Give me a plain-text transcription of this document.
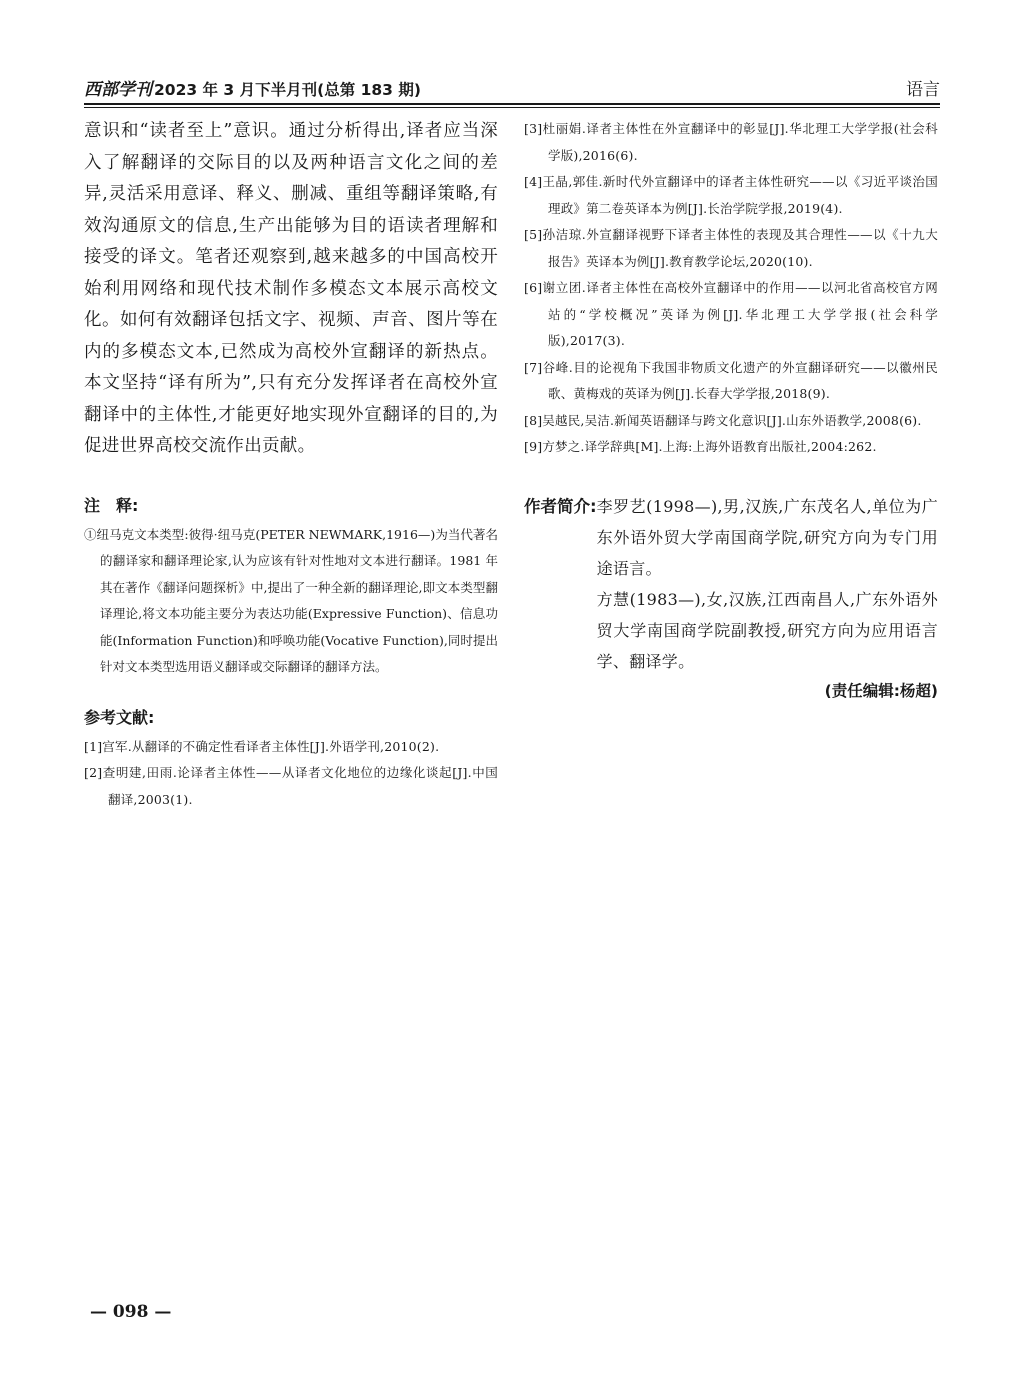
西部学刊 2023 年 3 月下半月刊(总第 183 期)	语言

意识和“读者至上”意识。通过分析得出,译者应当深入了解翻译的交际目的以及两种语言文化之间的差异,灵活采用意译、释义、删减、重组等翻译策略,有效沟通原文的信息,生产出能够为目的语读者理解和接受的译文。笔者还观察到,越来越多的中国高校开始利用网络和现代技术制作多模态文本展示高校文化。如何有效翻译包括文字、视频、声音、图片等在内的多模态文本,已然成为高校外宣翻译的新热点。本文坚持“译有所为”,只有充分发挥译者在高校外宣翻译中的主体性,才能更好地实现外宣翻译的目的,为促进世界高校交流作出贡献。

注　释:

①纽马克文本类型:彼得·纽马克(PETER NEWMARK,1916—)为当代著名的翻译家和翻译理论家,认为应该有针对性地对文本进行翻译。1981 年其在著作《翻译问题探析》中,提出了一种全新的翻译理论,即文本类型翻译理论,将文本功能主要分为表达功能(Expressive Function)、信息功能(Information Function)和呼唤功能(Vocative Function),同时提出针对文本类型选用语义翻译或交际翻译的翻译方法。

参考文献:

[1]宫军.从翻译的不确定性看译者主体性[J].外语学刊,2010(2).

[2]查明建,田雨.论译者主体性——从译者文化地位的边缘化谈起[J].中国翻译,2003(1).

[3]杜丽娟.译者主体性在外宣翻译中的彰显[J].华北理工大学学报(社会科学版),2016(6).

[4]王晶,郭佳.新时代外宣翻译中的译者主体性研究——以《习近平谈治国理政》第二卷英译本为例[J].长治学院学报,2019(4).

[5]孙洁琼.外宣翻译视野下译者主体性的表现及其合理性——以《十九大报告》英译本为例[J].教育教学论坛,2020(10).

[6]谢立团.译者主体性在高校外宣翻译中的作用——以河北省高校官方网站的“学校概况”英译为例[J].华北理工大学学报(社会科学版),2017(3).

[7]谷峰.目的论视角下我国非物质文化遗产的外宣翻译研究——以徽州民歌、黄梅戏的英译为例[J].长春大学学报,2018(9).

[8]吴越民,吴洁.新闻英语翻译与跨文化意识[J].山东外语教学,2008(6).

[9]方梦之.译学辞典[M].上海:上海外语教育出版社,2004:262.

作者简介: 李罗艺(1998—),男,汉族,广东茂名人,单位为广东外语外贸大学南国商学院,研究方向为专门用途语言。

方慧(1983—),女,汉族,江西南昌人,广东外语外贸大学南国商学院副教授,研究方向为应用语言学、翻译学。

(责任编辑:杨超)
— 098 —
